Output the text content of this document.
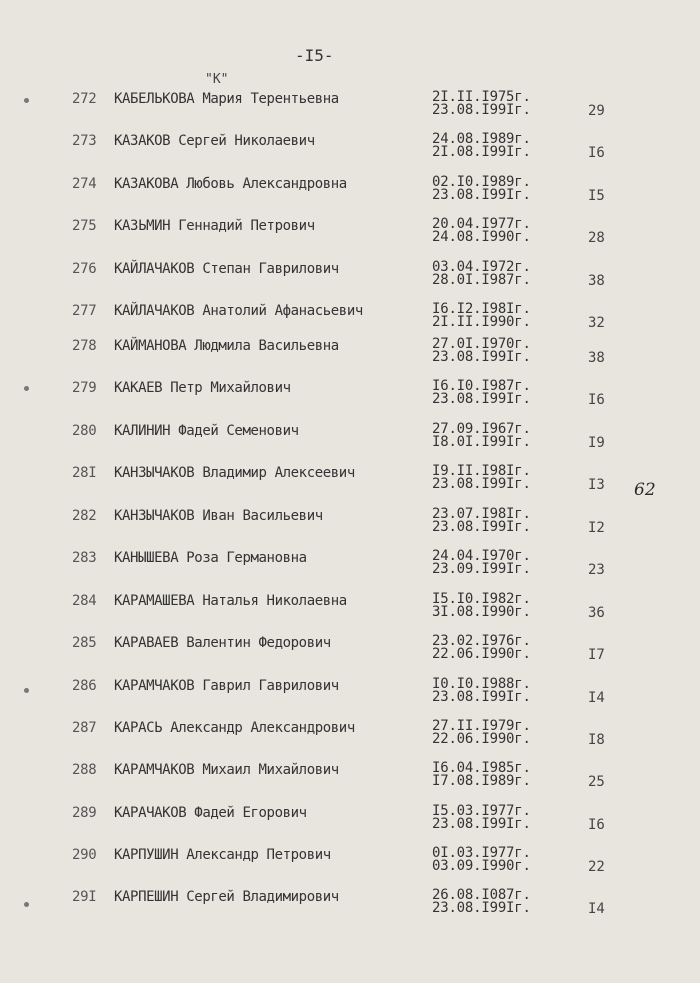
-I5-
"К"
272 КАБЕЛЬКОВА Мария Терентьевна	2I.II.I975г.
23.08.I99Iг.	29
273 КАЗАКОВ Сергей Николаевич	24.08.I989г.
2I.08.I99Iг.	I6
274 КАЗАКОВА Любовь Александровна	02.I0.I989г.
23.08.I99Iг.	I5
275 КАЗЬМИН Геннадий Петрович	20.04.I977г.
24.08.I990г.	28
276 КАЙЛАЧАКОВ Степан Гаврилович	03.04.I972г.
28.0I.I987г.	38
277 КАЙЛАЧАКОВ Анатолий Афанасьевич	I6.I2.I98Iг.
2I.II.I990г.	32
278 КАЙМАНОВА Людмила Васильевна	27.0I.I970г.
23.08.I99Iг.	38
279 КАКАЕВ Петр Михайлович	I6.I0.I987г.
23.08.I99Iг.	I6
280 КАЛИНИН Фадей Семенович	27.09.I967г.
I8.0I.I99Iг.	I9
28I КАНЗЫЧАКОВ Владимир Алексеевич	I9.II.I98Iг.
23.08.I99Iг.	I3
282 КАНЗЫЧАКОВ Иван Васильевич	23.07.I98Iг.
23.08.I99Iг.	I2
283 КАНЫШЕВА Роза Германовна	24.04.I970г.
23.09.I99Iг.	23
284 КАРАМАШЕВА Наталья Николаевна	I5.I0.I982г.
3I.08.I990г.	36
285 КАРАВАЕВ Валентин Федорович	23.02.I976г.
22.06.I990г.	I7
286 КАРАМЧАКОВ Гаврил Гаврилович	I0.I0.I988г.
23.08.I99Iг.	I4
287 КАРАСЬ Александр Александрович	27.II.I979г.
22.06.I990г.	I8
288 КАРАМЧАКОВ Михаил Михайлович	I6.04.I985г.
I7.08.I989г.	25
289 КАРАЧАКОВ Фадей Егорович	I5.03.I977г.
23.08.I99Iг.	I6
290 КАРПУШИН Александр Петрович	0I.03.I977г.
03.09.I990г.	22
29I КАРПЕШИН Сергей Владимирович	26.08.I087г.
23.08.I99Iг.	I4
62
